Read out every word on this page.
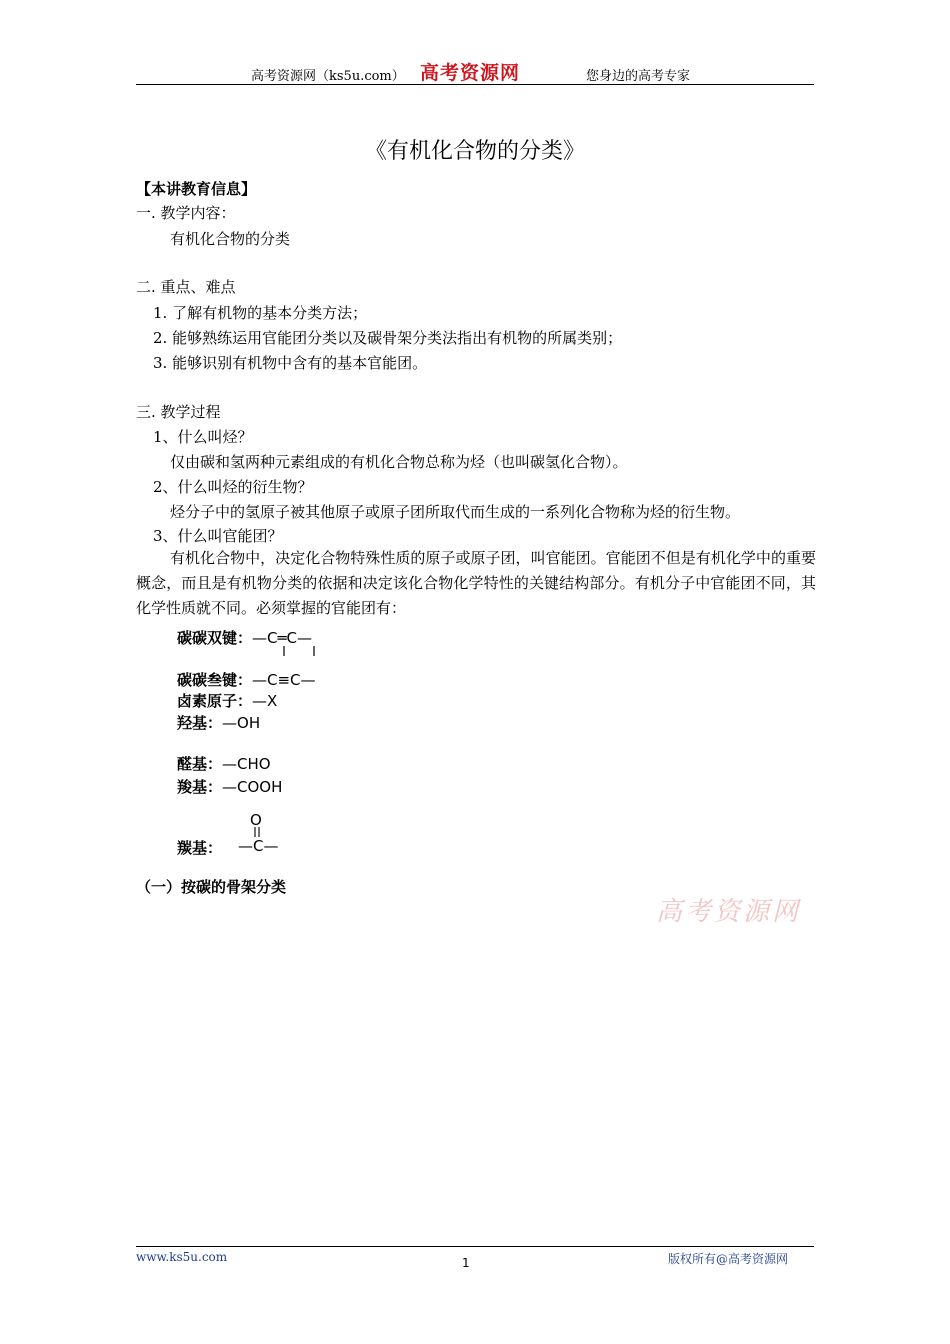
高考资源网（ks5u.com） 高考资源网	您身边的高考专家
《有机化合物的分类》
【本讲教育信息】
一. 教学内容：
有机化合物的分类
二. 重点、难点
1. 了解有机物的基本分类方法；
2. 能够熟练运用官能团分类以及碳骨架分类法指出有机物的所属类别；
3. 能够识别有机物中含有的基本官能团。
三. 教学过程
1、什么叫烃？
仅由碳和氢两种元素组成的有机化合物总称为烃（也叫碳氢化合物）。
2、什么叫烃的衍生物？
烃分子中的氢原子被其他原子或原子团所取代而生成的一系列化合物称为烃的衍生物。
3、什么叫官能团？
有机化合物中，决定化合物特殊性质的原子或原子团，叫官能团。官能团不但是有机化学中的重要概念，而且是有机物分类的依据和决定该化合物化学特性的关键结构部分。有机分子中官能团不同，其化学性质就不同。必须掌握的官能团有：
碳碳双键：—C═C—
碳碳叁键：—C≡C—
卤素原子：—X
羟基：—OH
醛基：—CHO
羧基：—COOH
O
羰基： —C—
（一）按碳的骨架分类
高考资源网
www.ks5u.com	1	版权所有@高考资源网
